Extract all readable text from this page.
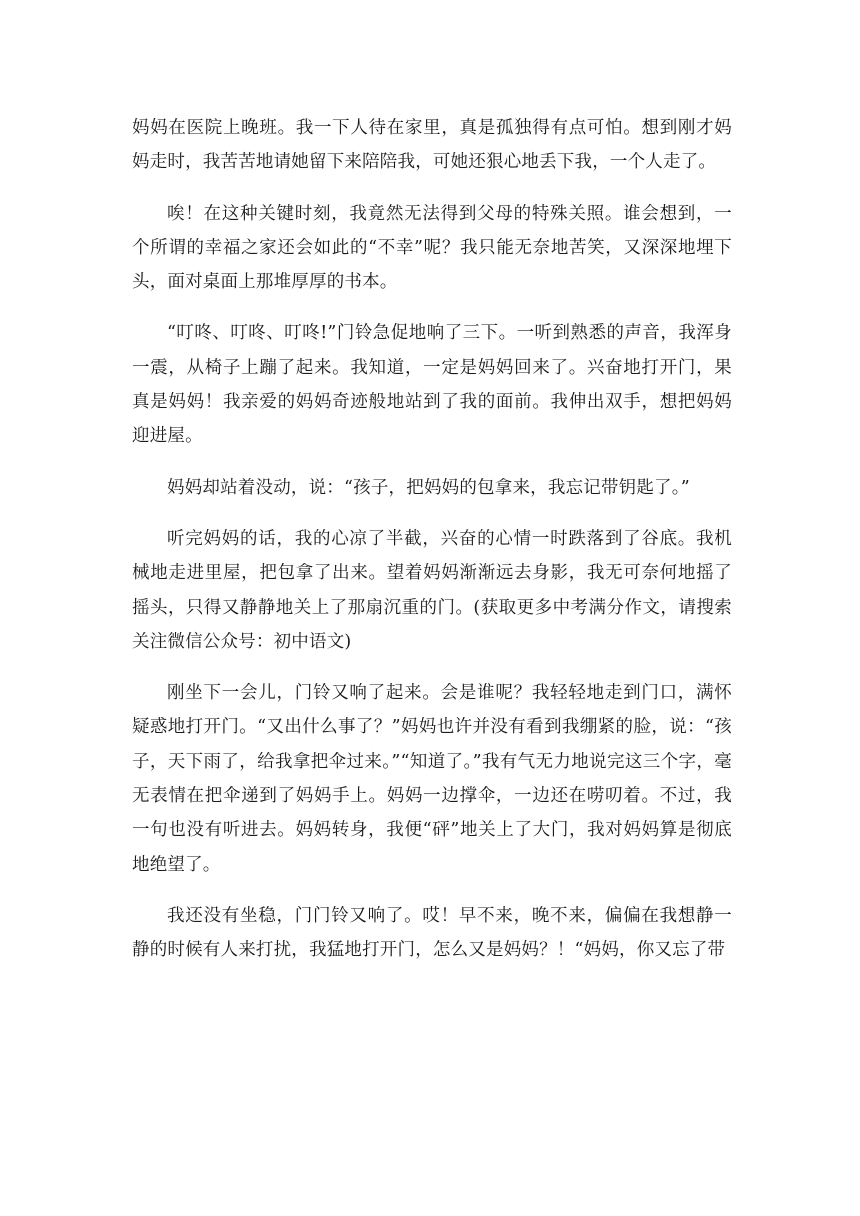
妈妈在医院上晚班。我一下人待在家里，真是孤独得有点可怕。想到刚才妈妈走时，我苦苦地请她留下来陪陪我，可她还狠心地丢下我，一个人走了。

唉！在这种关键时刻，我竟然无法得到父母的特殊关照。谁会想到，一个所谓的幸福之家还会如此的“不幸”呢？我只能无奈地苦笑，又深深地埋下头，面对桌面上那堆厚厚的书本。

“叮咚、叮咚、叮咚!”门铃急促地响了三下。一听到熟悉的声音，我浑身一震，从椅子上蹦了起来。我知道，一定是妈妈回来了。兴奋地打开门，果真是妈妈！我亲爱的妈妈奇迹般地站到了我的面前。我伸出双手，想把妈妈迎进屋。

妈妈却站着没动，说：“孩子，把妈妈的包拿来，我忘记带钥匙了。”

听完妈妈的话，我的心凉了半截，兴奋的心情一时跌落到了谷底。我机械地走进里屋，把包拿了出来。望着妈妈渐渐远去身影，我无可奈何地摇了摇头，只得又静静地关上了那扇沉重的门。(获取更多中考满分作文，请搜索关注微信公众号：初中语文)

刚坐下一会儿，门铃又响了起来。会是谁呢？我轻轻地走到门口，满怀疑惑地打开门。“又出什么事了？”妈妈也许并没有看到我绷紧的脸，说：“孩子，天下雨了，给我拿把伞过来。”“知道了。”我有气无力地说完这三个字，毫无表情在把伞递到了妈妈手上。妈妈一边撑伞，一边还在唠叨着。不过，我一句也没有听进去。妈妈转身，我便“砰”地关上了大门，我对妈妈算是彻底地绝望了。

我还没有坐稳，门门铃又响了。哎！早不来，晚不来，偏偏在我想静一静的时候有人来打扰，我猛地打开门，怎么又是妈妈？！“妈妈，你又忘了带
